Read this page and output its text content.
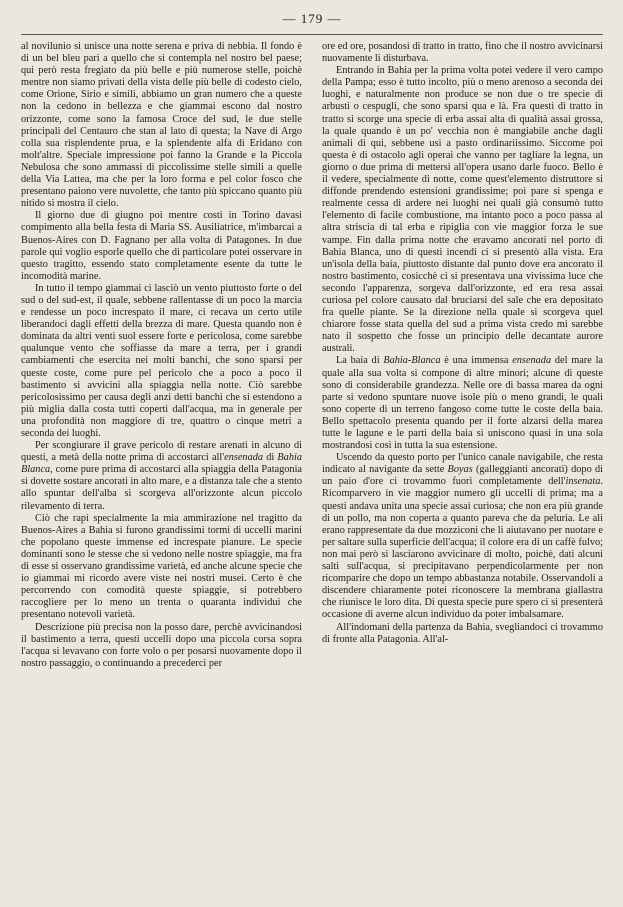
— 179 —

al novilunio si unisce una notte serena e priva di nebbia. Il fondo è di un bel bleu pari a quello che si contempla nel nostro bel paese; qui però resta fregiato da più belle e più numerose stelle, poichè mentre non siamo privati della vista delle più belle di codesto cielo, come Orione, Sirio e simili, abbiamo un gran numero che a queste non la cedono in bellezza e che giammai escono dal nostro orizzonte, come sono la famosa Croce del sud, le due stelle principali del Centauro che stan al lato di questa; la Nave di Argo colla sua risplendente prua, e la splendente alfa di Eridano con molt'altre. Speciale impressione poi fanno la Grande e la Piccola Nebulosa che sono ammassi di piccolissime stelle simili a quelle della Via Lattea, ma che per la loro forma e pel color fosco che presentano paiono vere nuvolette, che tanto più spiccano quanto più nitido si mostra il cielo.

Il giorno due di giugno poi mentre costì in Torino davasi compimento alla bella festa di Maria SS. Ausiliatrice, m'imbarcai a Buenos-Aires con D. Fagnano per alla volta di Patagones. In due parole qui voglio esporle quello che di particolare potei osservare in questo tragitto, essendo stato completamente esente da tutte le incomodità marine.

In tutto il tempo giammai ci lasciò un vento piuttosto forte o del sud o del sud-est, il quale, sebbene rallentasse di un poco la marcia e rendesse un poco increspato il mare, ci recava un certo utile liberandoci dagli effetti della brezza di mare. Questa quando non è dominata da altri venti suol essere forte e pericolosa, come sarebbe qualunque vento che soffiasse da mare a terra, per i grandi cambiamenti che esercita nei molti banchi, che sono sparsi per queste coste, come pure pel pericolo che a poco a poco il bastimento si avvicini alla spiaggia nella notte. Ciò sarebbe pericolosissimo per causa degli anzi detti banchi che si estendono a più miglia dalla costa tutti coperti dall'acqua, ma in generale per una profondità non maggiore di tre, quattro o cinque metri a seconda dei luoghi.

Per scongiurare il grave pericolo di restare arenati in alcuno di questi, a metà della notte prima di accostarci all'ensenada di Bahia Blanca, come pure prima di accostarci alla spiaggia della Patagonia si dovette sostare ancorati in alto mare, e a distanza tale che a stento allo spuntar dell'alba si scorgeva all'orizzonte alcun piccolo rilevamento di terra.

Ciò che rapì specialmente la mia ammirazione nel tragitto da Buenos-Aires a Bahia si furono grandissimi tormi di uccelli marini che popolano queste immense ed increspate pianure. Le specie dominanti sono le stesse che si vedono nelle nostre spiaggie, ma fra di esse si osservano grandissime varietà, ed anche alcune specie che io giammai mi ricordo avere viste nei nostri musei. Certo è che percorrendo con comodità queste spiaggie, si potrebbero raccogliere per lo meno un trenta o quaranta individui che presentano notevoli varietà.

Descrizione più precisa non la posso dare, perchè avvicinandosi il bastimento a terra, questi uccelli dopo una piccola corsa sopra l'acqua si levavano con forte volo o per posarsi nuovamente dopo il nostro passaggio, o continuando a precederci per

ore ed ore, posandosi di tratto in tratto, fino che il nostro avvicinarsi nuovamente li disturbava.

Entrando in Bahia per la prima volta potei vedere il vero campo della Pampa; esso è tutto incolto, più o meno arenoso a seconda dei luoghi, e naturalmente non produce se non due o tre specie di arbusti o cespugli, che sono sparsi qua e là. Fra questi di tratto in tratto si scorge una specie di erba assai alta di qualità assai grossa, la quale quando è un po' vecchia non è mangiabile anche dagli animali di qui, sebbene usi a pasto ordinariissimo. Siccome poi questa è di ostacolo agli operai che vanno per tagliare la legna, un giorno o due prima di mettersi all'opera usano darle fuoco. Bello è il vedere, specialmente di notte, come quest'elemento distruttore si diffonde prendendo estensioni grandissime; poi pare si spenga e realmente cessa di ardere nei luoghi nei quali già consumò tutto l'elemento di facile combustione, ma intanto poco a poco passa al altra striscia di tal erba e ripiglia con vie maggior forza le sue vampe. Fin dalla prima notte che eravamo ancorati nel porto di Bahia Blanca, uno di questi incendi ci si presentò alla vista. Era un'isola della baia, piuttosto distante dal punto dove era ancorato il nostro bastimento, cosicchè ci si presentava una vivissima luce che secondo l'apparenza, sorgeva dall'orizzonte, ed era resa assai curiosa pel colore causato dal bruciarsi del sale che era depositato fra quelle piante. Se la direzione nella quale si scorgeva quel chiarore fosse stata quella del sud a prima vista credo mi sarebbe nato il sospetto che fosse un principio delle decantate aurore australi.

La baia di Bahia-Blanca è una immensa ensenada del mare la quale alla sua volta si compone di altre minori; alcune di queste sono di considerabile grandezza. Nelle ore di bassa marea da ogni parte si vedono spuntare nuove isole più o meno grandi, le quali sono coperte di un terreno fangoso come tutte le coste della baia. Bello spettacolo presenta quando per il forte alzarsi della marea tutte le lagune e le parti della baia si uniscono quasi in una sola mostrandosi così in tutta la sua estensione.

Uscendo da questo porto per l'unico canale navigabile, che resta indicato al navigante da sette Boyas (galleggianti ancorati) dopo di un paio d'ore ci trovammo fuori completamente dell'insenata. Ricomparvero in vie maggior numero gli uccelli di prima; ma a questi andava unita una specie assai curiosa; che non era più grande di un pollo, ma non coperta a quanto pareva che da peluria. Le ali erano rappresentate da due mozziconi che li aiutavano per nuotare e per saltare sulla superficie dell'acqua; il colore era di un caffè fulvo; non mai però si lasciarono avvicinare di molto, poichè, dati alcuni salti sull'acqua, si precipitavano perpendicolarmente per non ricomparire che dopo un tempo abbastanza notabile. Osservandoli a discendere chiaramente potei riconoscere la membrana giallastra che riunisce le loro dita. Di questa specie pure spero ci si presenterà occasione di averne alcun individuo da poter imbalsamare.

All'indomani della partenza da Bahia, svegliandoci ci trovammo di fronte alla Patagonia. All'al-
